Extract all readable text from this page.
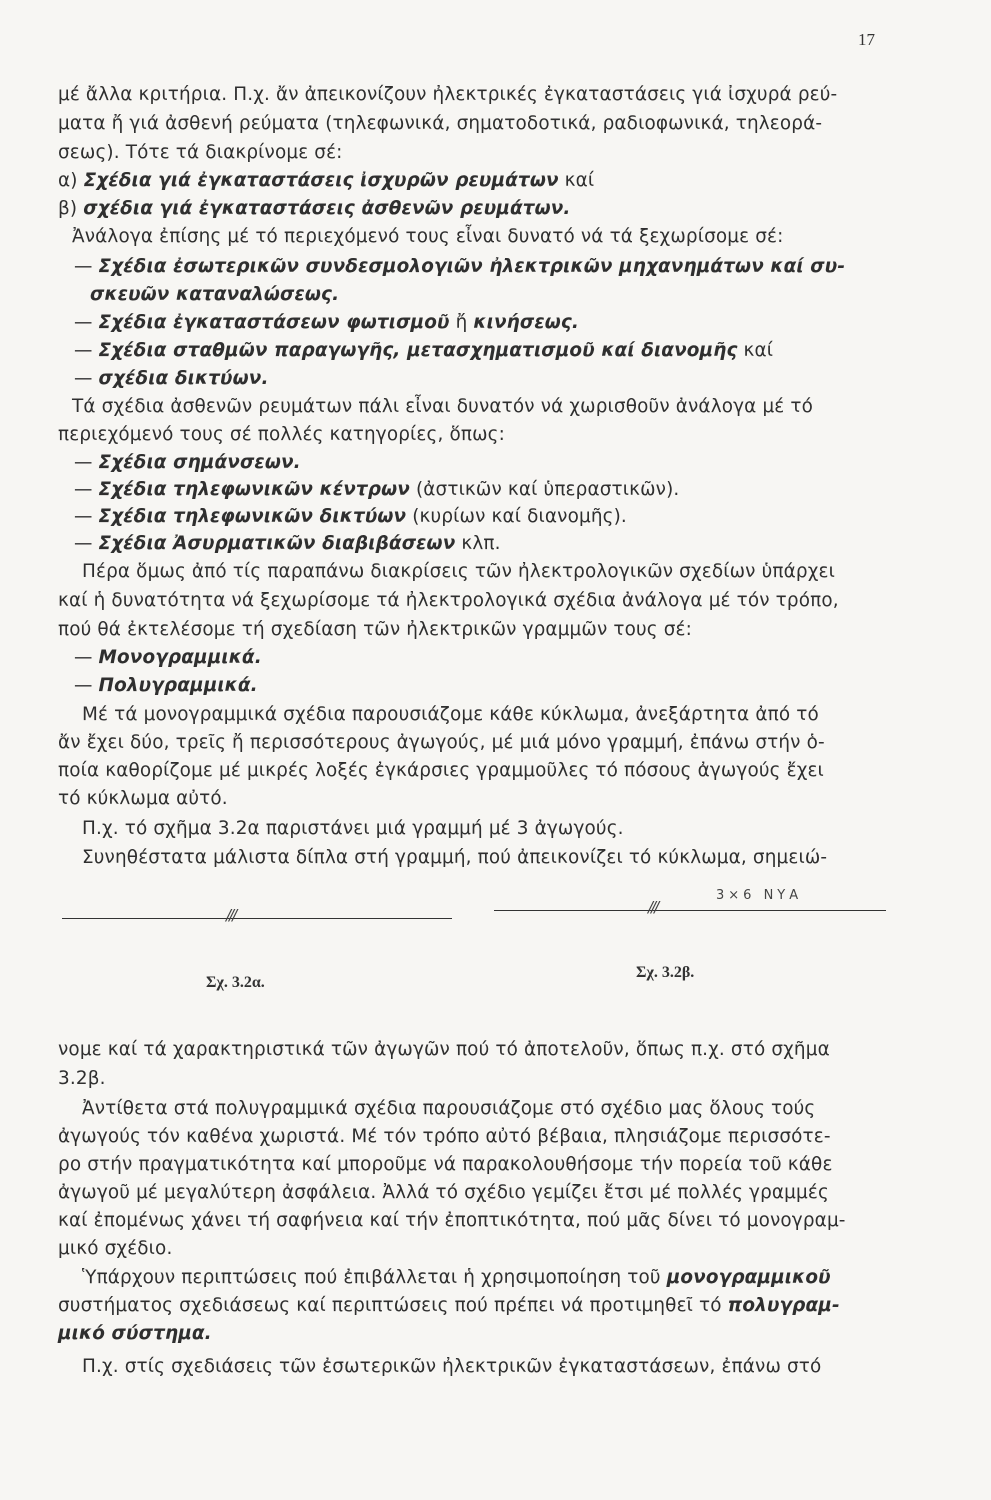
17
μέ ἄλλα κριτήρια. Π.χ. ἄν ἀπεικονίζουν ἠλεκτρικές ἐγκαταστάσεις γιά ἰσχυρά ρεύ-
ματα ἤ γιά ἀσθενή ρεύματα (τηλεφωνικά, σηματοδοτικά, ραδιοφωνικά, τηλεορά-
σεως). Τότε τά διακρίνομε σέ:
α) Σχέδια γιά ἐγκαταστάσεις ἰσχυρῶν ρευμάτων καί
β) σχέδια γιά ἐγκαταστάσεις ἀσθενῶν ρευμάτων.
Ἀνάλογα ἐπίσης μέ τό περιεχόμενό τους εἶναι δυνατό νά τά ξεχωρίσομε σέ:
— Σχέδια ἐσωτερικῶν συνδεσμολογιῶν ἠλεκτρικῶν μηχανημάτων καί συ-
σκευῶν καταναλώσεως.
— Σχέδια ἐγκαταστάσεων φωτισμοῦ ἤ κινήσεως.
— Σχέδια σταθμῶν παραγωγῆς, μετασχηματισμοῦ καί διανομῆς καί
— σχέδια δικτύων.
Τά σχέδια ἀσθενῶν ρευμάτων πάλι εἶναι δυνατόν νά χωρισθοῦν ἀνάλογα μέ τό
περιεχόμενό τους σέ πολλές κατηγορίες, ὅπως:
— Σχέδια σημάνσεων.
— Σχέδια τηλεφωνικῶν κέντρων (ἀστικῶν καί ὑπεραστικῶν).
— Σχέδια τηλεφωνικῶν δικτύων (κυρίων καί διανομῆς).
— Σχέδια Ἀσυρματικῶν διαβιβάσεων κλπ.
Πέρα ὅμως ἀπό τίς παραπάνω διακρίσεις τῶν ἠλεκτρολογικῶν σχεδίων ὑπάρχει
καί ἡ δυνατότητα νά ξεχωρίσομε τά ἠλεκτρολογικά σχέδια ἀνάλογα μέ τόν τρόπο,
πού θά ἐκτελέσομε τή σχεδίαση τῶν ἠλεκτρικῶν γραμμῶν τους σέ:
— Μονογραμμικά.
— Πολυγραμμικά.
Μέ τά μονογραμμικά σχέδια παρουσιάζομε κάθε κύκλωμα, ἀνεξάρτητα ἀπό τό
ἄν ἔχει δύο, τρεῖς ἤ περισσότερους ἀγωγούς, μέ μιά μόνο γραμμή, ἐπάνω στήν ὁ-
ποία καθορίζομε μέ μικρές λοξές ἐγκάρσιες γραμμοῦλες τό πόσους ἀγωγούς ἔχει
τό κύκλωμα αὐτό.
Π.χ. τό σχῆμα 3.2α παριστάνει μιά γραμμή μέ 3 ἀγωγούς.
Συνηθέστατα μάλιστα δίπλα στή γραμμή, πού ἀπεικονίζει τό κύκλωμα, σημειώ-
νομε καί τά χαρακτηριστικά τῶν ἀγωγῶν πού τό ἀποτελοῦν, ὅπως π.χ. στό σχῆμα
3.2β.
Ἀντίθετα στά πολυγραμμικά σχέδια παρουσιάζομε στό σχέδιο μας ὅλους τούς
ἀγωγούς τόν καθένα χωριστά. Μέ τόν τρόπο αὐτό βέβαια, πλησιάζομε περισσότε-
ρο στήν πραγματικότητα καί μποροῦμε νά παρακολουθήσομε τήν πορεία τοῦ κάθε
ἀγωγοῦ μέ μεγαλύτερη ἀσφάλεια. Ἀλλά τό σχέδιο γεμίζει ἔτσι μέ πολλές γραμμές
καί ἐπομένως χάνει τή σαφήνεια καί τήν ἐποπτικότητα, πού μᾶς δίνει τό μονογραμ-
μικό σχέδιο.
Ὑπάρχουν περιπτώσεις πού ἐπιβάλλεται ἡ χρησιμοποίηση τοῦ μονογραμμικοῦ
συστήματος σχεδιάσεως καί περιπτώσεις πού πρέπει νά προτιμηθεῖ τό πολυγραμ-
μικό σύστημα.
Π.χ. στίς σχεδιάσεις τῶν ἐσωτερικῶν ἠλεκτρικῶν ἐγκαταστάσεων, ἐπάνω στό
///	///
3×6 ΝΥΑ
Σχ. 3.2α.
Σχ. 3.2β.
